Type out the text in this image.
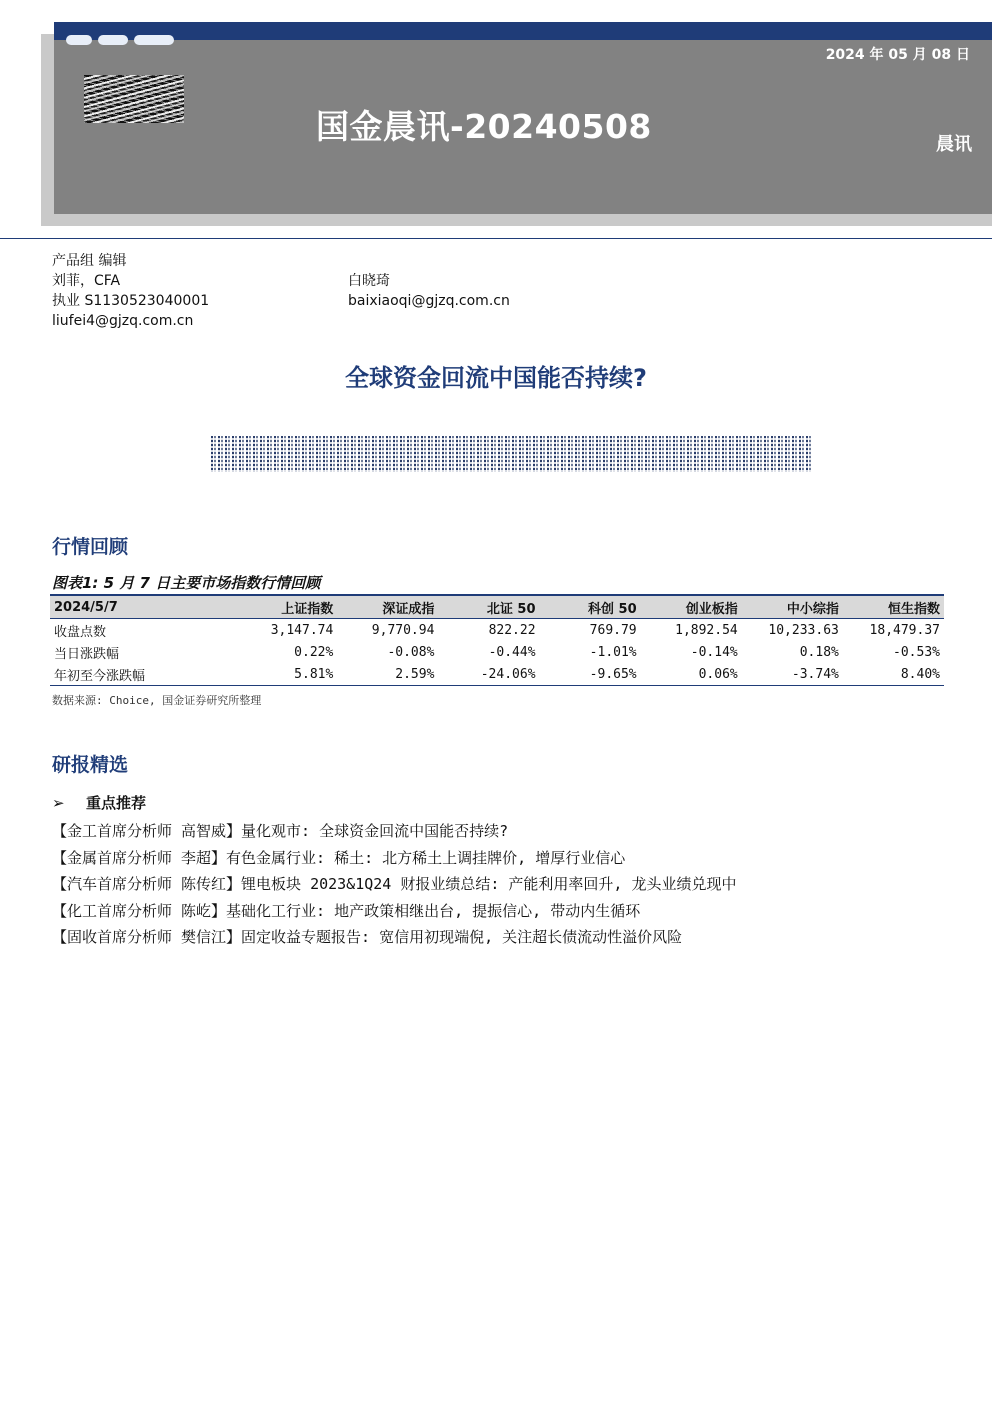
2024 年 05 月 08 日
国金晨讯-20240508	晨讯
产品组 编辑
刘菲，CFA
执业 S1130523040001
liufei4@gjzq.com.cn
白晓琦
baixiaoqi@gjzq.com.cn
全球资金回流中国能否持续?
行情回顾
图表1: 5 月 7 日主要市场指数行情回顾
2024/5/7	上证指数	深证成指	北证 50	科创 50	创业板指	中小综指	恒生指数
收盘点数	3,147.74	9,770.94	822.22	769.79	1,892.54	10,233.63	18,479.37
当日涨跌幅	0.22%	-0.08%	-0.44%	-1.01%	-0.14%	0.18%	-0.53%
年初至今涨跌幅	5.81%	2.59%	-24.06%	-9.65%	0.06%	-3.74%	8.40%
数据来源: Choice, 国金证券研究所整理
研报精选
➢ 重点推荐
【金工首席分析师 高智威】量化观市: 全球资金回流中国能否持续?
【金属首席分析师 李超】有色金属行业: 稀土: 北方稀土上调挂牌价, 增厚行业信心
【汽车首席分析师 陈传红】锂电板块 2023&1Q24 财报业绩总结: 产能利用率回升, 龙头业绩兑现中
【化工首席分析师 陈屹】基础化工行业: 地产政策相继出台, 提振信心, 带动内生循环
【固收首席分析师 樊信江】固定收益专题报告: 宽信用初现端倪, 关注超长债流动性溢价风险
